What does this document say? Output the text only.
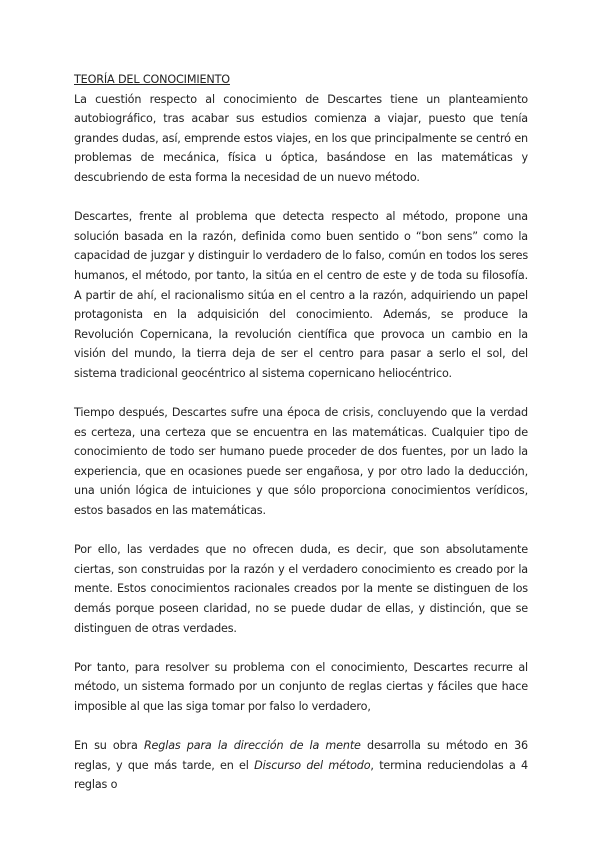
TEORÍA DEL CONOCIMIENTO

La cuestión respecto al conocimiento de Descartes tiene un planteamiento autobiográfico, tras acabar sus estudios comienza a viajar, puesto que tenía grandes dudas, así, emprende estos viajes, en los que principalmente se centró en problemas de mecánica, física u óptica, basándose en las matemáticas y descubriendo de esta forma la necesidad de un nuevo método.

Descartes, frente al problema que detecta respecto al método, propone una solución basada en la razón, definida como buen sentido o “bon sens” como la capacidad de juzgar y distinguir lo verdadero de lo falso, común en todos los seres humanos, el método, por tanto, la sitúa en el centro de este y de toda su filosofía. A partir de ahí, el racionalismo sitúa en el centro a la razón, adquiriendo un papel protagonista en la adquisición del conocimiento. Además, se produce la Revolución Copernicana, la revolución científica que provoca un cambio en la visión del mundo, la tierra deja de ser el centro para pasar a serlo el sol, del sistema tradicional geocéntrico al sistema copernicano heliocéntrico.

Tiempo después, Descartes sufre una época de crisis, concluyendo que la verdad es certeza, una certeza que se encuentra en las matemáticas. Cualquier tipo de conocimiento de todo ser humano puede proceder de dos fuentes, por un lado la experiencia, que en ocasiones puede ser engañosa, y por otro lado la deducción, una unión lógica de intuiciones y que sólo proporciona conocimientos verídicos, estos basados en las matemáticas.

Por ello, las verdades que no ofrecen duda, es decir, que son absolutamente ciertas, son construidas por la razón y el verdadero conocimiento es creado por la mente. Estos conocimientos racionales creados por la mente se distinguen de los demás porque poseen claridad, no se puede dudar de ellas, y distinción, que se distinguen de otras verdades.

Por tanto, para resolver su problema con el conocimiento, Descartes recurre al método, un sistema formado por un conjunto de reglas ciertas y fáciles que hace imposible al que las siga tomar por falso lo verdadero,

En su obra Reglas para la dirección de la mente desarrolla su método en 36 reglas, y que más tarde, en el Discurso del método, termina reduciendolas a 4 reglas o
